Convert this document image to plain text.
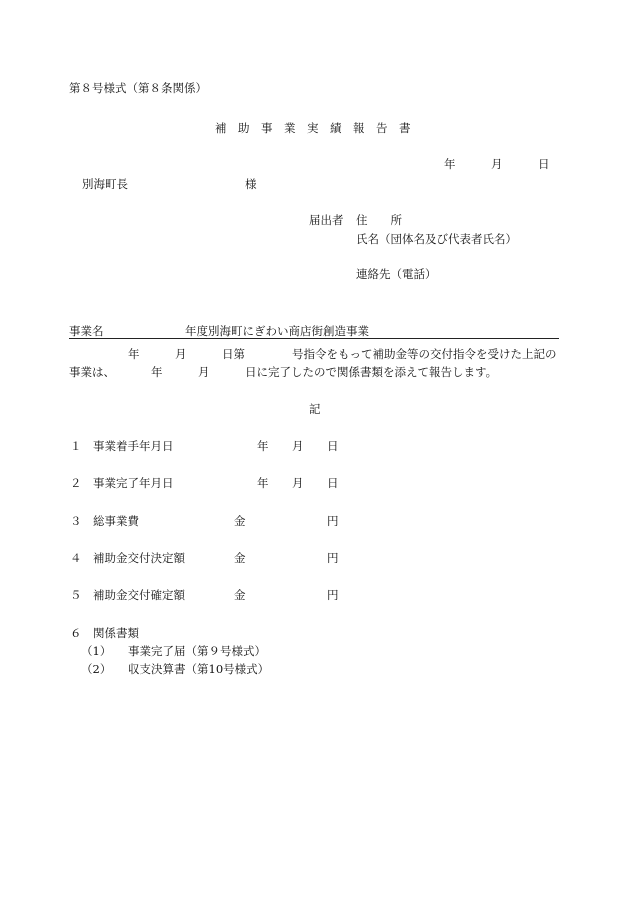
第８号様式（第８条関係）
補　助　事　業　実　績　報　告　書
年	月	日
別海町長	様
届出者 住　　所
氏名（団体名及び代表者氏名）
連絡先（電話）
事業名	年度別海町にぎわい商店街創造事業
年	月	日第	号指令をもって補助金等の交付指令を受けた上記の
事業は、	年	月	日に完了したので関係書類を添えて報告します。
記
１ 事業着手年月日	年 月 日
２ 事業完了年月日	年 月 日
３ 総事業費	金	円
４ 補助金交付決定額	金	円
５ 補助金交付確定額	金	円
６ 関係書類
（1） 事業完了届（第９号様式）
（2） 収支決算書（第10号様式）
